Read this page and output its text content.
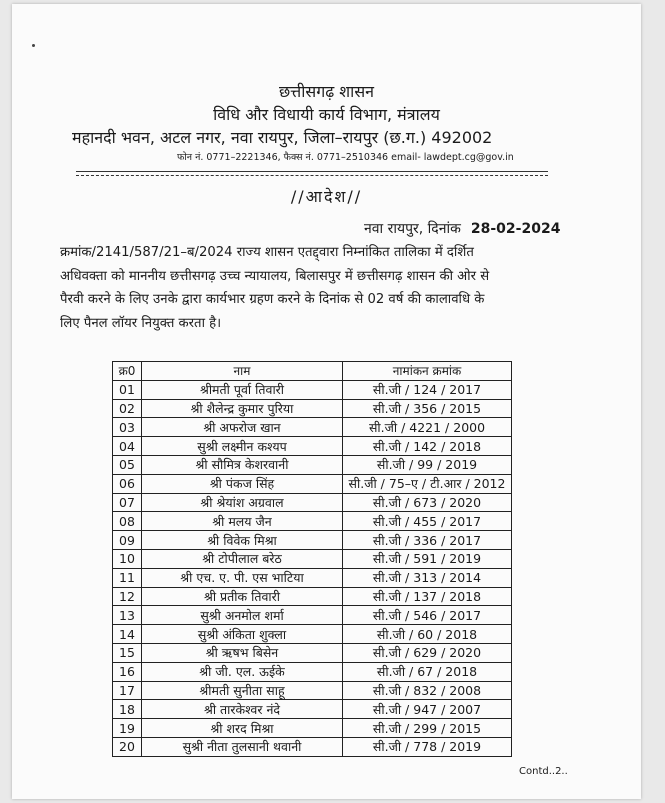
छत्तीसगढ़ शासन
विधि और विधायी कार्य विभाग, मंत्रालय
महानदी भवन, अटल नगर, नवा रायपुर, जिला–रायपुर (छ.ग.) 492002
फोन नं. 0771–2221346, फैक्स नं. 0771–2510346 email- lawdept.cg@gov.in
//आदेश//
नवा रायपुर, दिनांक 28-02-2024
क्रमांक/2141/587/21–ब/2024 राज्य शासन एतद्द्वारा निम्नांकित तालिका में दर्शित
अधिवक्ता को माननीय छत्तीसगढ़ उच्च न्यायालय, बिलासपुर में छत्तीसगढ़ शासन की ओर से
पैरवी करने के लिए उनके द्वारा कार्यभार ग्रहण करने के दिनांक से 02 वर्ष की कालावधि के
लिए पैनल लॉयर नियुक्त करता है।
क्र0	नाम	नामांकन क्रमांक
01	श्रीमती पूर्वा तिवारी	सी.जी / 124 / 2017
02	श्री शैलेन्द्र कुमार पुरिया	सी.जी / 356 / 2015
03	श्री अफरोज खान	सी.जी / 4221 / 2000
04	सुश्री लक्ष्मीन कश्यप	सी.जी / 142 / 2018
05	श्री सौमित्र केशरवानी	सी.जी / 99 / 2019
06	श्री पंकज सिंह	सी.जी / 75–ए / टी.आर / 2012
07	श्री श्रेयांश अग्रवाल	सी.जी / 673 / 2020
08	श्री मलय जैन	सी.जी / 455 / 2017
09	श्री विवेक मिश्रा	सी.जी / 336 / 2017
10	श्री टोपीलाल बरेठ	सी.जी / 591 / 2019
11	श्री एच. ए. पी. एस भाटिया	सी.जी / 313 / 2014
12	श्री प्रतीक तिवारी	सी.जी / 137 / 2018
13	सुश्री अनमोल शर्मा	सी.जी / 546 / 2017
14	सुश्री अंकिता शुक्ला	सी.जी / 60 / 2018
15	श्री ऋषभ बिसेन	सी.जी / 629 / 2020
16	श्री जी. एल. ऊईके	सी.जी / 67 / 2018
17	श्रीमती सुनीता साहू	सी.जी / 832 / 2008
18	श्री तारकेश्वर नंदे	सी.जी / 947 / 2007
19	श्री शरद मिश्रा	सी.जी / 299 / 2015
20	सुश्री नीता तुलसानी थवानी	सी.जी / 778 / 2019
Contd..2..
